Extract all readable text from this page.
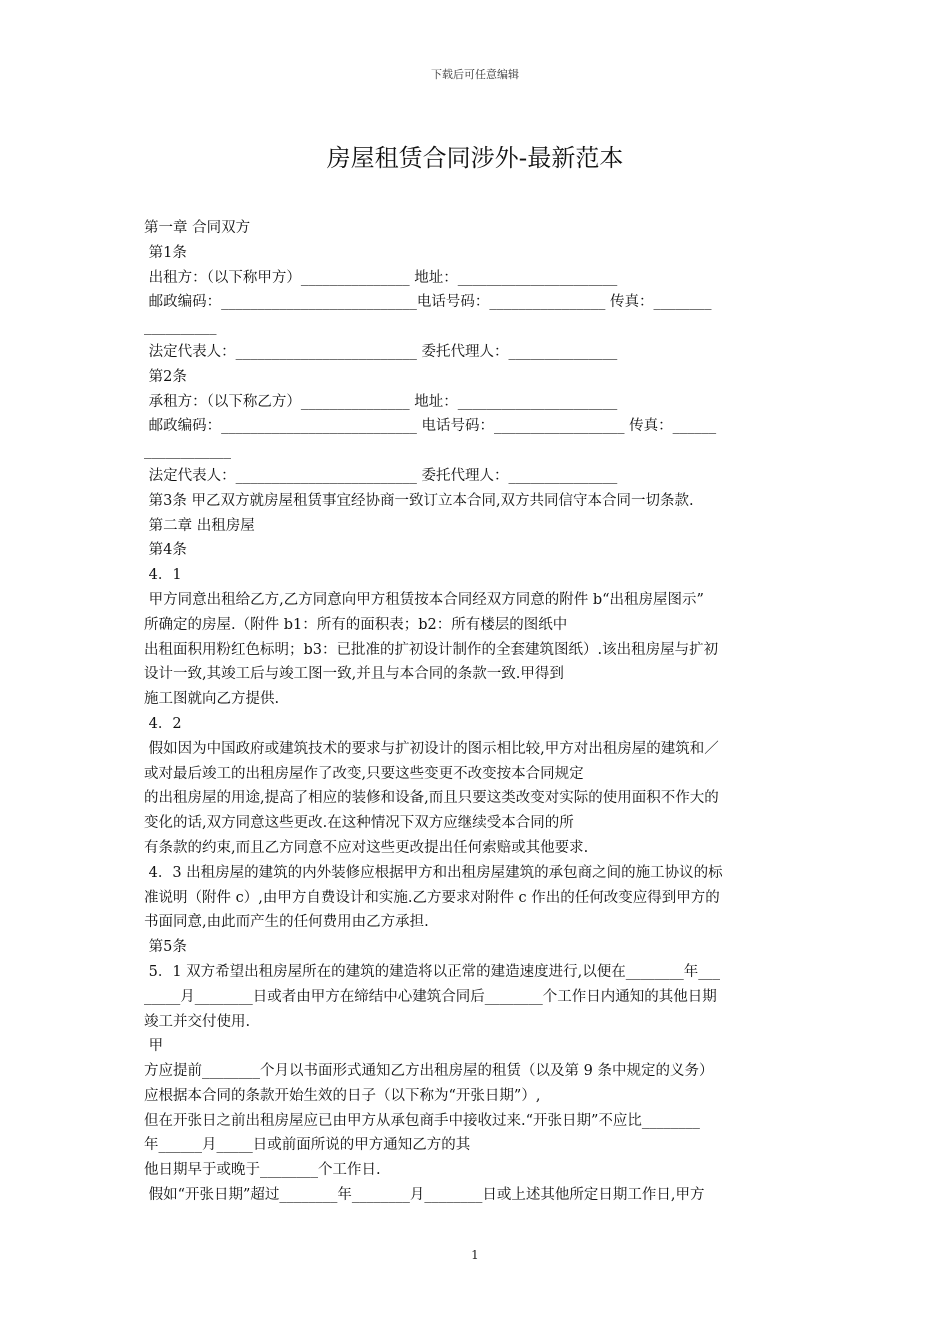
下载后可任意编辑
房屋租赁合同涉外-最新范本
第一章 合同双方
第1条
出租方：（以下称甲方）_______________ 地址：______________________
邮政编码：___________________________电话号码：________________ 传真：________
__________
法定代表人：_________________________ 委托代理人：_______________
第2条
承租方：（以下称乙方）_______________ 地址：______________________
邮政编码：___________________________ 电话号码：__________________ 传真：______
____________
法定代表人：_________________________ 委托代理人：_______________
第3条 甲乙双方就房屋租赁事宜经协商一致订立本合同,双方共同信守本合同一切条款.
第二章 出租房屋
第4条
4．1
甲方同意出租给乙方,乙方同意向甲方租赁按本合同经双方同意的附件 b“出租房屋图示”
所确定的房屋.（附件 b1：所有的面积表；b2：所有楼层的图纸中
出租面积用粉红色标明；b3：已批准的扩初设计制作的全套建筑图纸）.该出租房屋与扩初
设计一致,其竣工后与竣工图一致,并且与本合同的条款一致.甲得到
施工图就向乙方提供.
4．2
假如因为中国政府或建筑技术的要求与扩初设计的图示相比较,甲方对出租房屋的建筑和／
或对最后竣工的出租房屋作了改变,只要这些变更不改变按本合同规定
的出租房屋的用途,提高了相应的装修和设备,而且只要这类改变对实际的使用面积不作大的
变化的话,双方同意这些更改.在这种情况下双方应继续受本合同的所
有条款的约束,而且乙方同意不应对这些更改提出任何索赔或其他要求.
4．3 出租房屋的建筑的内外装修应根据甲方和出租房屋建筑的承包商之间的施工协议的标
准说明（附件 c）,由甲方自费设计和实施.乙方要求对附件 c 作出的任何改变应得到甲方的
书面同意,由此而产生的任何费用由乙方承担.
第5条
5．1 双方希望出租房屋所在的建筑的建造将以正常的建造速度进行,以便在________年___
_____月________日或者由甲方在缔结中心建筑合同后________个工作日内通知的其他日期
竣工并交付使用.
甲
方应提前________个月以书面形式通知乙方出租房屋的租赁（以及第 9 条中规定的义务）
应根据本合同的条款开始生效的日子（以下称为“开张日期”）,
但在开张日之前出租房屋应已由甲方从承包商手中接收过来.“开张日期”不应比________
年______月_____日或前面所说的甲方通知乙方的其
他日期早于或晚于________个工作日.
假如“开张日期”超过________年________月________日或上述其他所定日期工作日,甲方
1
